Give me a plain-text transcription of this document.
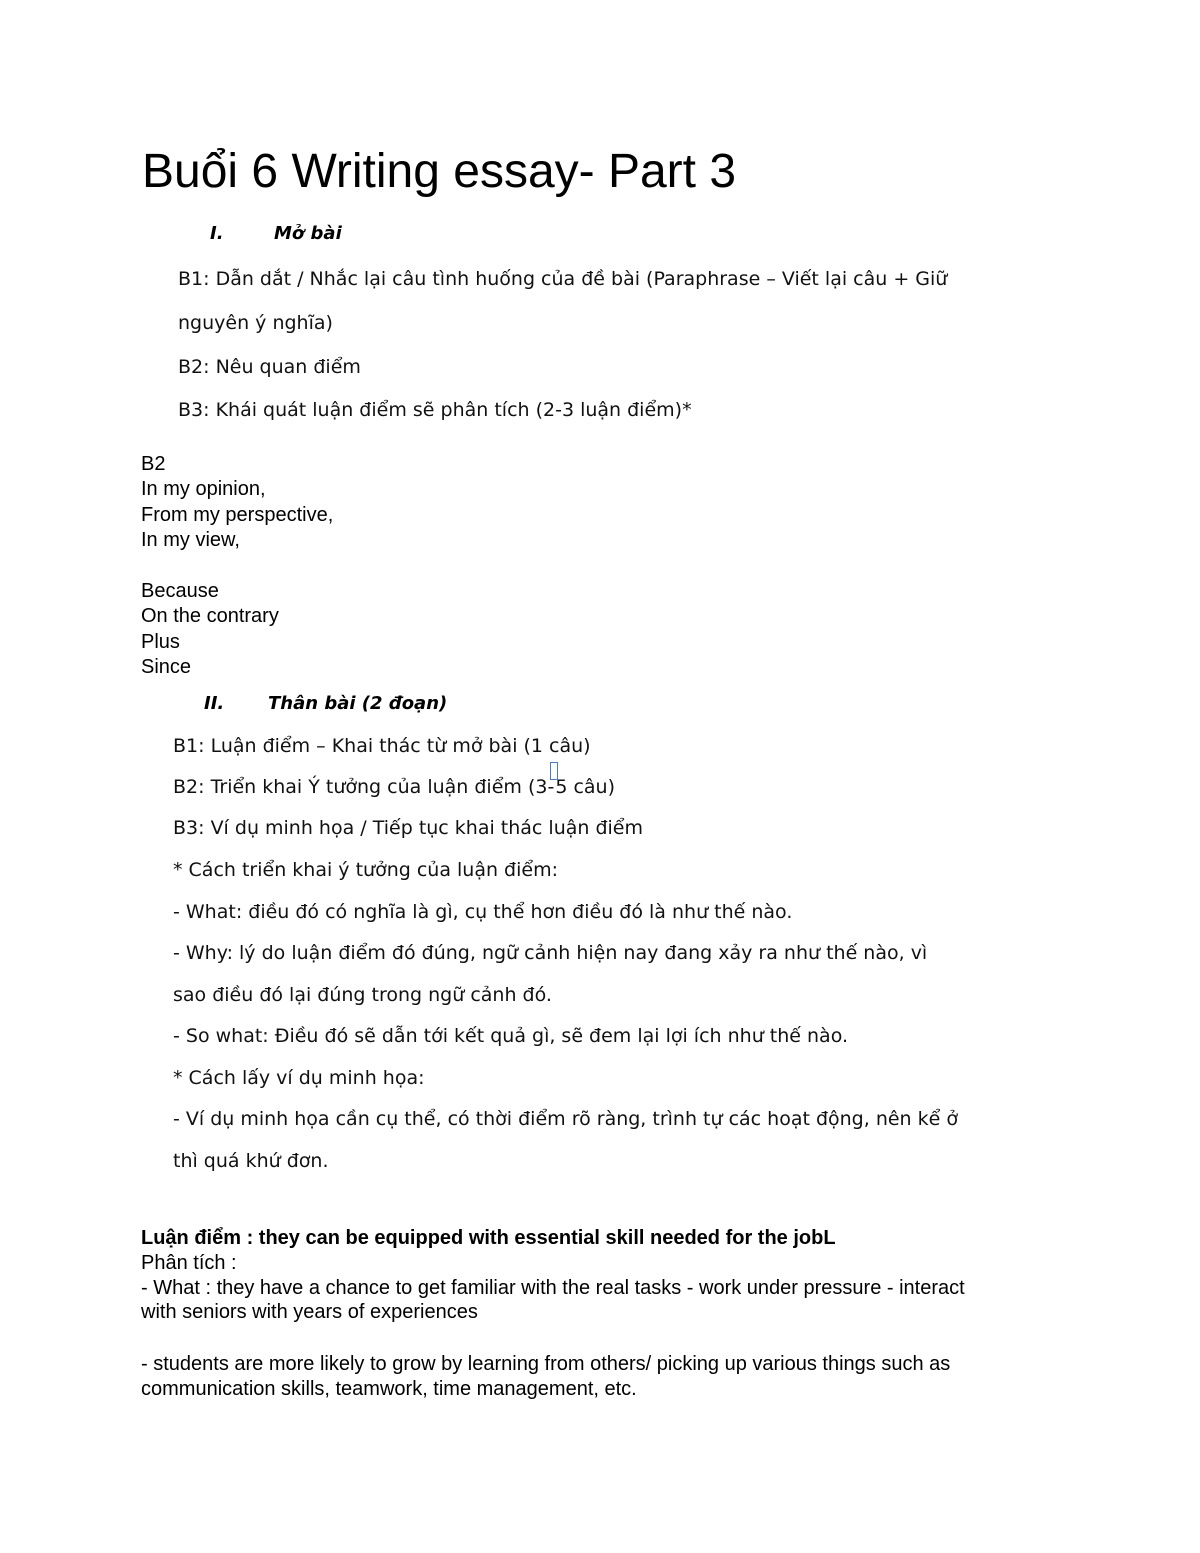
Buổi 6 Writing essay- Part 3
I.	Mở bài
B1: Dẫn dắt / Nhắc lại câu tình huống của đề bài (Paraphrase – Viết lại câu + Giữ
nguyên ý nghĩa)
B2: Nêu quan điểm
B3: Khái quát luận điểm sẽ phân tích (2-3 luận điểm)*
B2
In my opinion,
From my perspective,
In my view,
Because
On the contrary
Plus
Since
II. Thân bài (2 đoạn)
B1: Luận điểm – Khai thác từ mở bài (1 câu)
B2: Triển khai Ý tưởng của luận điểm (3-5 câu)
B3: Ví dụ minh họa / Tiếp tục khai thác luận điểm
* Cách triển khai ý tưởng của luận điểm:
- What: điều đó có nghĩa là gì, cụ thể hơn điều đó là như thế nào.
- Why: lý do luận điểm đó đúng, ngữ cảnh hiện nay đang xảy ra như thế nào, vì
sao điều đó lại đúng trong ngữ cảnh đó.
- So what: Điều đó sẽ dẫn tới kết quả gì, sẽ đem lại lợi ích như thế nào.
* Cách lấy ví dụ minh họa:
- Ví dụ minh họa cần cụ thể, có thời điểm rõ ràng, trình tự các hoạt động, nên kể ở
thì quá khứ đơn.
Luận điểm : they can be equipped with essential skill needed for the jobL
Phân tích :
- What : they have a chance to get familiar with the real tasks - work under pressure - interact
with seniors with years of experiences
- students are more likely to grow by learning from others/ picking up various things such as
communication skills, teamwork, time management, etc.
